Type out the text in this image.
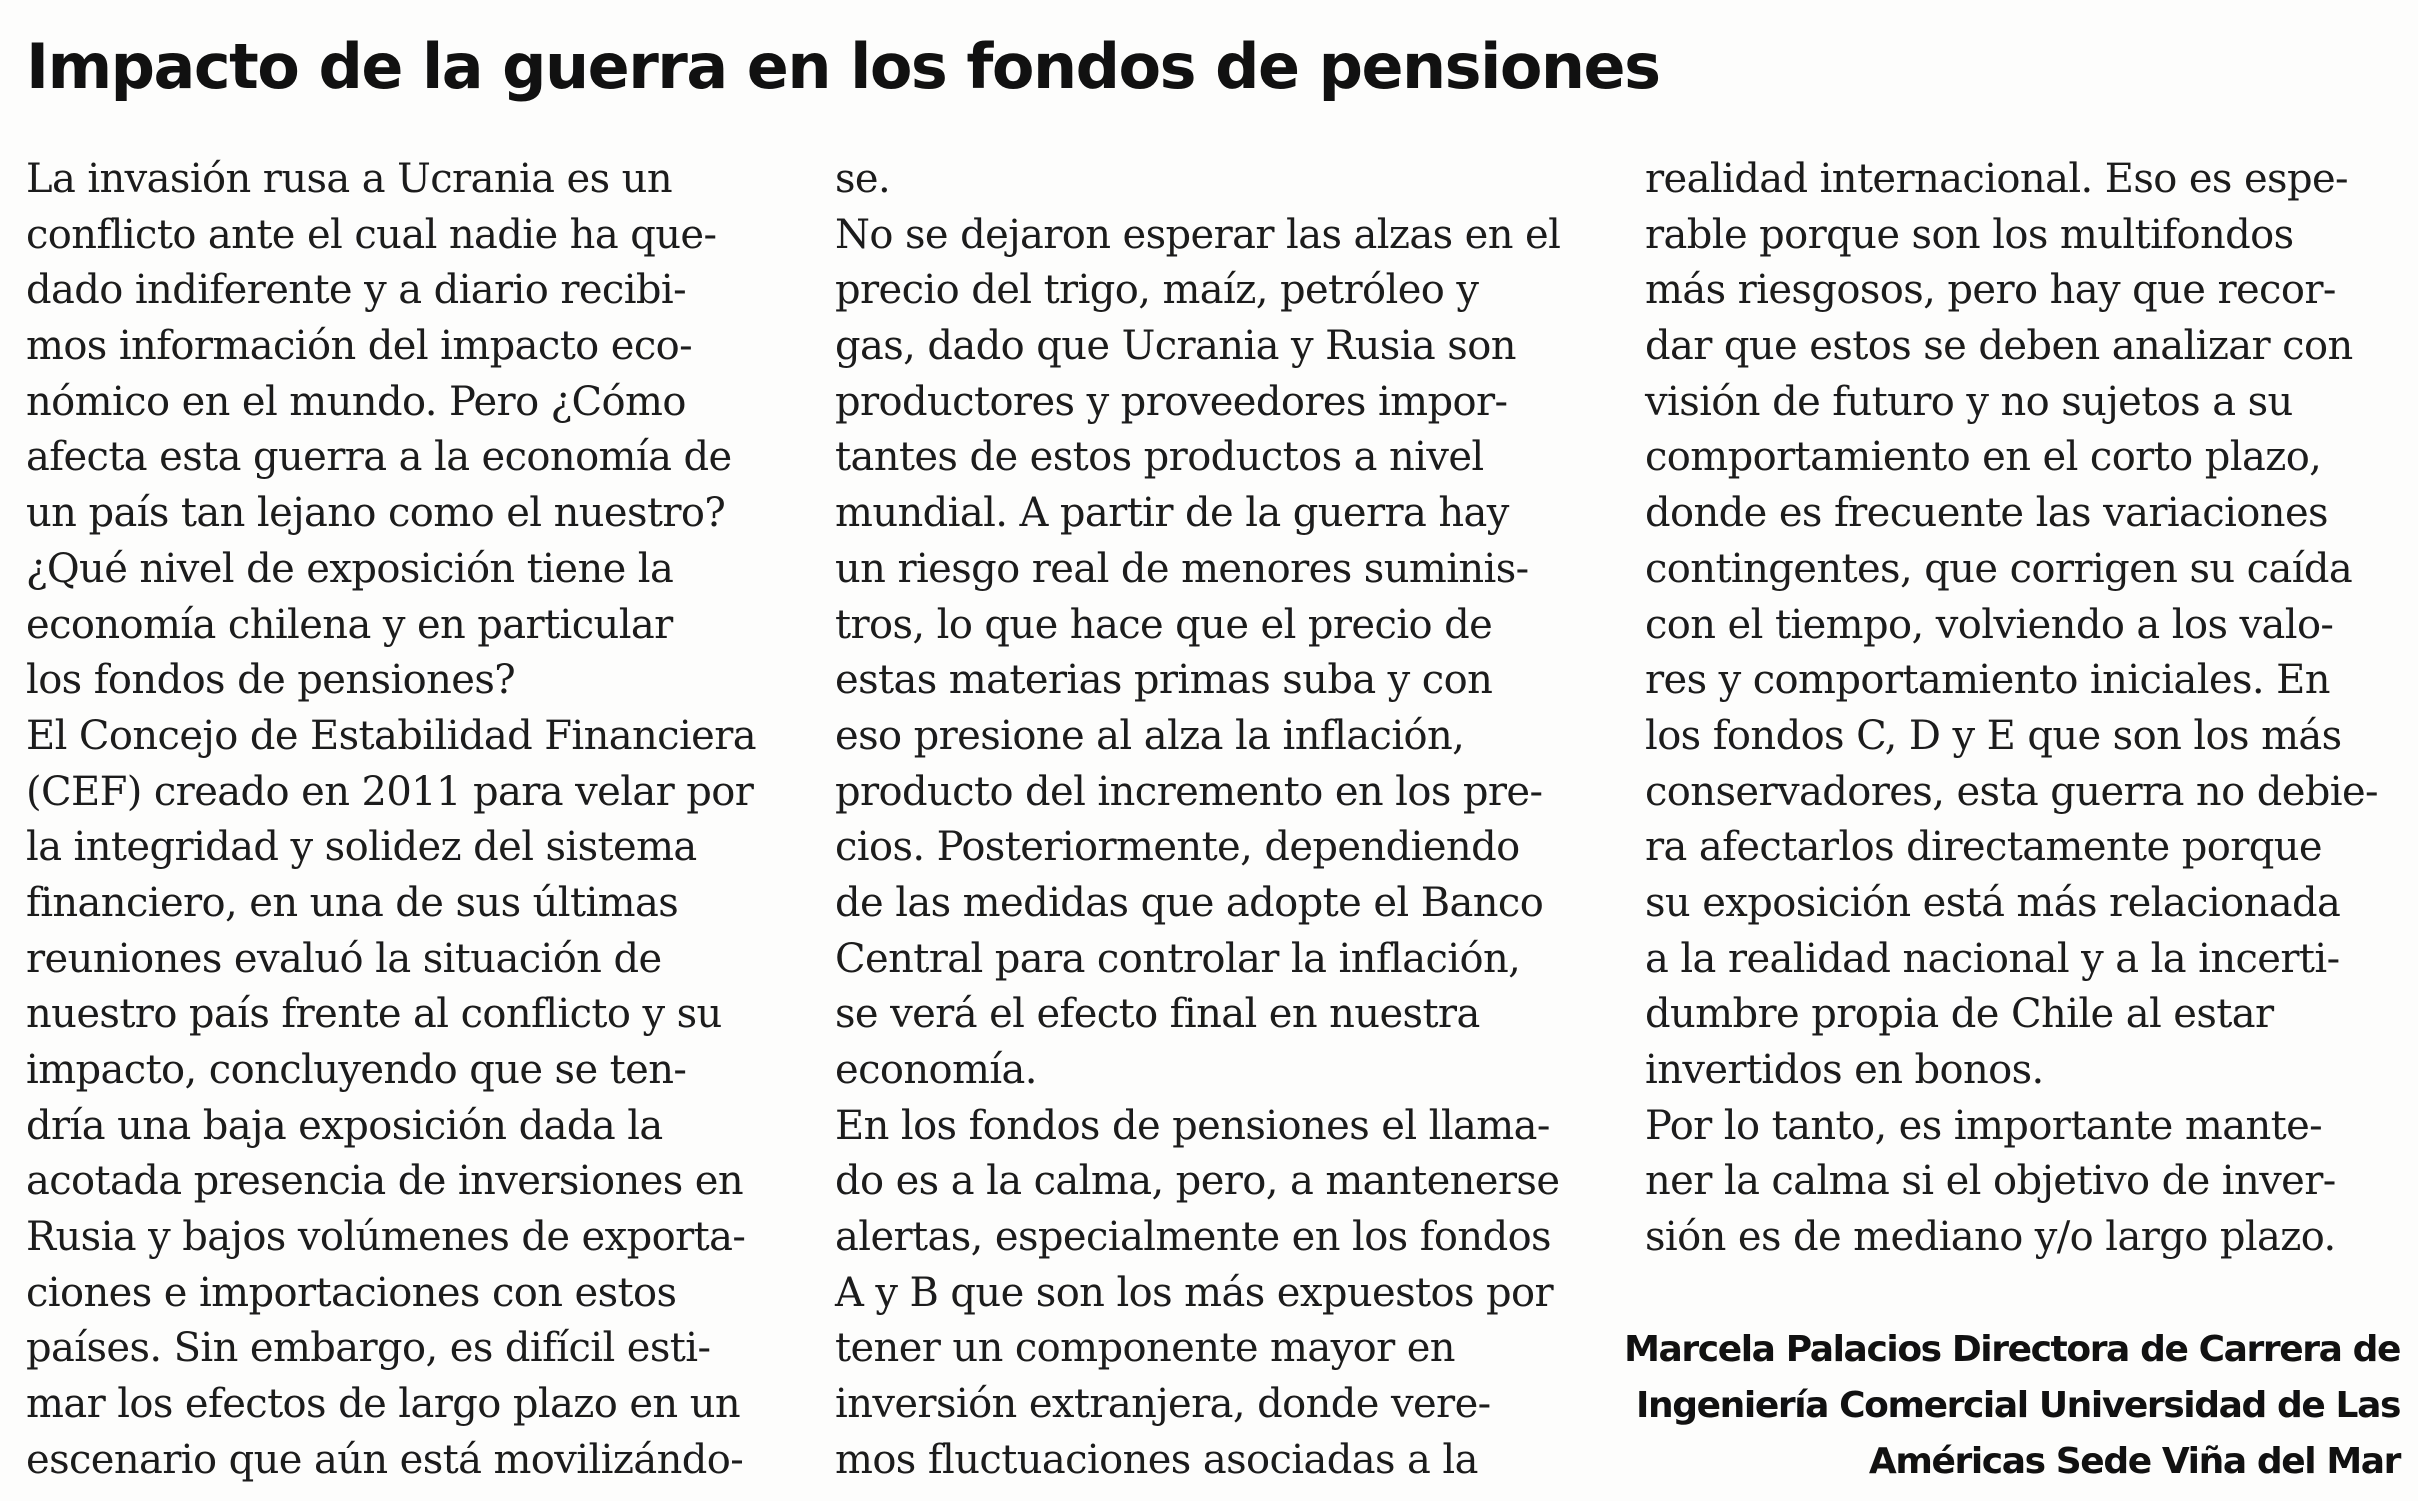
Impacto de la guerra en los fondos de pensiones
La invasión rusa a Ucrania es un
conflicto ante el cual nadie ha que-
dado indiferente y a diario recibi-
mos información del impacto eco-
nómico en el mundo. Pero ¿Cómo
afecta esta guerra a la economía de
un país tan lejano como el nuestro?
¿Qué nivel de exposición tiene la
economía chilena y en particular
los fondos de pensiones?
El Concejo de Estabilidad Financiera
(CEF) creado en 2011 para velar por
la integridad y solidez del sistema
financiero, en una de sus últimas
reuniones evaluó la situación de
nuestro país frente al conflicto y su
impacto, concluyendo que se ten-
dría una baja exposición dada la
acotada presencia de inversiones en
Rusia y bajos volúmenes de exporta-
ciones e importaciones con estos
países. Sin embargo, es difícil esti-
mar los efectos de largo plazo en un
escenario que aún está movilizándo-
se.
No se dejaron esperar las alzas en el
precio del trigo, maíz, petróleo y
gas, dado que Ucrania y Rusia son
productores y proveedores impor-
tantes de estos productos a nivel
mundial. A partir de la guerra hay
un riesgo real de menores suminis-
tros, lo que hace que el precio de
estas materias primas suba y con
eso presione al alza la inflación,
producto del incremento en los pre-
cios. Posteriormente, dependiendo
de las medidas que adopte el Banco
Central para controlar la inflación,
se verá el efecto final en nuestra
economía.
En los fondos de pensiones el llama-
do es a la calma, pero, a mantenerse
alertas, especialmente en los fondos
A y B que son los más expuestos por
tener un componente mayor en
inversión extranjera, donde vere-
mos fluctuaciones asociadas a la
realidad internacional. Eso es espe-
rable porque son los multifondos
más riesgosos, pero hay que recor-
dar que estos se deben analizar con
visión de futuro y no sujetos a su
comportamiento en el corto plazo,
donde es frecuente las variaciones
contingentes, que corrigen su caída
con el tiempo, volviendo a los valo-
res y comportamiento iniciales. En
los fondos C, D y E que son los más
conservadores, esta guerra no debie-
ra afectarlos directamente porque
su exposición está más relacionada
a la realidad nacional y a la incerti-
dumbre propia de Chile al estar
invertidos en bonos.
Por lo tanto, es importante mante-
ner la calma si el objetivo de inver-
sión es de mediano y/o largo plazo.
Marcela Palacios Directora de Carrera de
Ingeniería Comercial Universidad de Las
Américas Sede Viña del Mar
